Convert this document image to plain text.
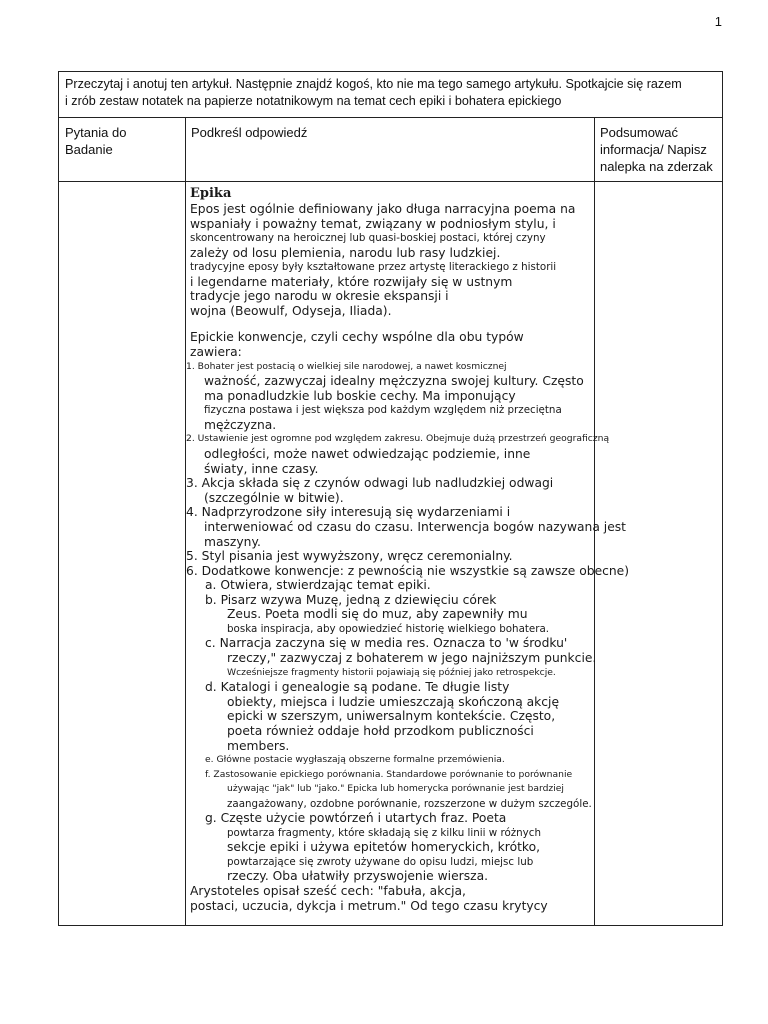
1
Przeczytaj i anotuj ten artykuł. Następnie znajdź kogoś, kto nie ma tego samego artykułu. Spotkajcie się razem
i zrób zestaw notatek na papierze notatnikowym na temat cech epiki i bohatera epickiego
Pytania do
Badanie
Podkreśl odpowiedź	Podsumować
informacja/ Napisz
nalepka na zderzak
Epika
Epos jest ogólnie definiowany jako długa narracyjna poema na
wspaniały i poważny temat, związany w podniosłym stylu, i
skoncentrowany na heroicznej lub quasi-boskiej postaci, której czyny
zależy od losu plemienia, narodu lub rasy ludzkiej.
tradycyjne eposy były kształtowane przez artystę literackiego z historii
i legendarne materiały, które rozwijały się w ustnym
tradycje jego narodu w okresie ekspansji i
wojna (Beowulf, Odyseja, Iliada).
Epickie konwencje, czyli cechy wspólne dla obu typów
zawiera:
1. Bohater jest postacią o wielkiej sile narodowej, a nawet kosmicznej
ważność, zazwyczaj idealny mężczyzna swojej kultury. Często
ma ponadludzkie lub boskie cechy. Ma imponujący
fizyczna postawa i jest większa pod każdym względem niż przeciętna
mężczyzna.
2. Ustawienie jest ogromne pod względem zakresu. Obejmuje dużą przestrzeń geograficzną
odległości, może nawet odwiedzając podziemie, inne
światy, inne czasy.
3. Akcja składa się z czynów odwagi lub nadludzkiej odwagi
(szczególnie w bitwie).
4. Nadprzyrodzone siły interesują się wydarzeniami i
interweniować od czasu do czasu. Interwencja bogów nazywana jest
maszyny.
5. Styl pisania jest wywyższony, wręcz ceremonialny.
6. Dodatkowe konwencje: z pewnością nie wszystkie są zawsze obecne)
a. Otwiera, stwierdzając temat epiki.
b. Pisarz wzywa Muzę, jedną z dziewięciu córek
Zeus. Poeta modli się do muz, aby zapewniły mu
boska inspiracja, aby opowiedzieć historię wielkiego bohatera.
c. Narracja zaczyna się w media res. Oznacza to 'w środku'
rzeczy," zazwyczaj z bohaterem w jego najniższym punkcie.
Wcześniejsze fragmenty historii pojawiają się później jako retrospekcje.
d. Katalogi i genealogie są podane. Te długie listy
obiekty, miejsca i ludzie umieszczają skończoną akcję
epicki w szerszym, uniwersalnym kontekście. Często,
poeta również oddaje hołd przodkom publiczności
members.
e. Główne postacie wygłaszają obszerne formalne przemówienia.
f. Zastosowanie epickiego porównania. Standardowe porównanie to porównanie
używając "jak" lub "jako." Epicka lub homerycka porównanie jest bardziej
zaangażowany, ozdobne porównanie, rozszerzone w dużym szczególe.
g. Częste użycie powtórzeń i utartych fraz. Poeta
powtarza fragmenty, które składają się z kilku linii w różnych
sekcje epiki i używa epitetów homeryckich, krótko,
powtarzające się zwroty używane do opisu ludzi, miejsc lub
rzeczy. Oba ułatwiły przyswojenie wiersza.
Arystoteles opisał sześć cech: "fabuła, akcja,
postaci, uczucia, dykcja i metrum." Od tego czasu krytycy
